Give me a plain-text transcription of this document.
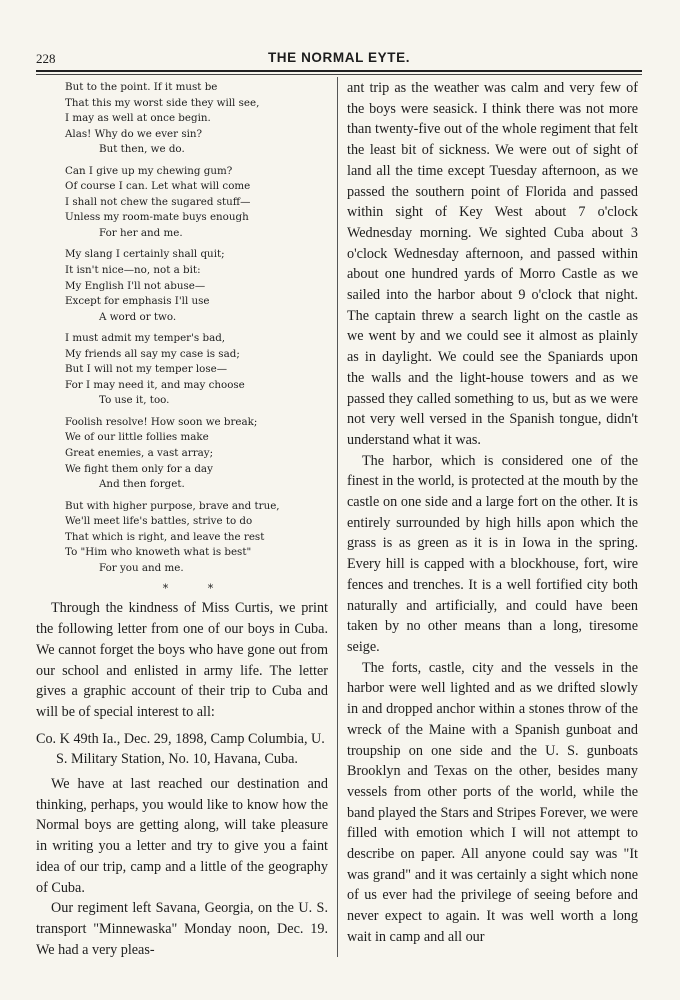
228	THE NORMAL EYTE.
But to the point. If it must be
That this my worst side they will see,
I may as well at once begin.
Alas! Why do we ever sin?
But then, we do.
Can I give up my chewing gum?
Of course I can. Let what will come
I shall not chew the sugared stuff—
Unless my room-mate buys enough
For her and me.
My slang I certainly shall quit;
It isn't nice—no, not a bit:
My English I'll not abuse—
Except for emphasis I'll use
A word or two.
I must admit my temper's bad,
My friends all say my case is sad;
But I will not my temper lose—
For I may need it, and may choose
To use it, too.
Foolish resolve! How soon we break;
We of our little follies make
Great enemies, a vast array;
We fight them only for a day
And then forget.
But with higher purpose, brave and true,
We'll meet life's battles, strive to do
That which is right, and leave the rest
To "Him who knoweth what is best"
For you and me.
* *

Through the kindness of Miss Curtis, we print the following letter from one of our boys in Cuba. We cannot forget the boys who have gone out from our school and enlisted in army life. The letter gives a graphic account of their trip to Cuba and will be of special interest to all:

Co. K 49th Ia., Dec. 29, 1898, Camp Columbia, U. S. Military Station, No. 10, Havana, Cuba.

We have at last reached our destination and thinking, perhaps, you would like to know how the Normal boys are getting along, will take pleasure in writing you a letter and try to give you a faint idea of our trip, camp and a little of the geography of Cuba.

Our regiment left Savana, Georgia, on the U. S. transport "Minnewaska" Monday noon, Dec. 19. We had a very pleas-

ant trip as the weather was calm and very few of the boys were seasick. I think there was not more than twenty-five out of the whole regiment that felt the least bit of sickness. We were out of sight of land all the time except Tuesday afternoon, as we passed the southern point of Florida and passed within sight of Key West about 7 o'clock Wednesday morning. We sighted Cuba about 3 o'clock Wednesday afternoon, and passed within about one hundred yards of Morro Castle as we sailed into the harbor about 9 o'clock that night. The captain threw a search light on the castle as we went by and we could see it almost as plainly as in daylight. We could see the Spaniards upon the walls and the light-house towers and as we passed they called something to us, but as we were not very well versed in the Spanish tongue, didn't understand what it was.

The harbor, which is considered one of the finest in the world, is protected at the mouth by the castle on one side and a large fort on the other. It is entirely surrounded by high hills apon which the grass is as green as it is in Iowa in the spring. Every hill is capped with a blockhouse, fort, wire fences and trenches. It is a well fortified city both naturally and artificially, and could have been taken by no other means than a long, tiresome seige.

The forts, castle, city and the vessels in the harbor were well lighted and as we drifted slowly in and dropped anchor within a stones throw of the wreck of the Maine with a Spanish gunboat and troupship on one side and the U. S. gunboats Brooklyn and Texas on the other, besides many vessels from other ports of the world, while the band played the Stars and Stripes Forever, we were filled with emotion which I will not attempt to describe on paper. All anyone could say was "It was grand" and it was certainly a sight which none of us ever had the privilege of seeing before and never expect to again. It was well worth a long wait in camp and all our
